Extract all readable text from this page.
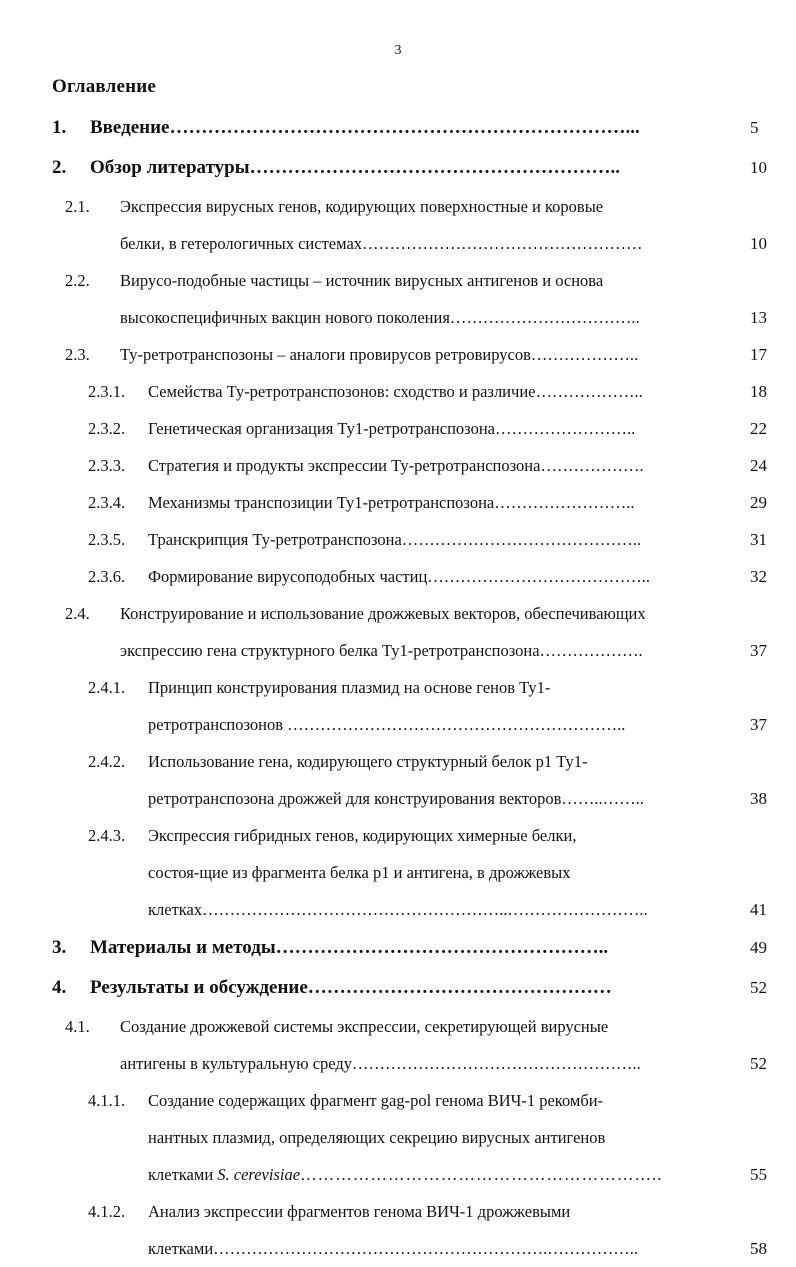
3
Оглавление
1.	Введение………………………………………………………………...	5
2.	Обзор литературы…………………………………………………..	10
2.1.	Экспрессия вирусных генов, кодирующих поверхностные и коровые
белки, в гетерологичных системах……………………………………………	10
2.2.	Вирусо-подобные частицы – источник вирусных антигенов и основа
высокоспецифичных вакцин нового поколения……………………………..	13
2.3.	Ту-ретротранспозоны – аналоги провирусов ретровирусов………………..	17
2.3.1.	Семейства Ту-ретротранспозонов: сходство и различие………………..	18
2.3.2.	Генетическая организация Ту1-ретротранспозона……………………..	22
2.3.3.	Стратегия и продукты экспрессии Ту-ретротранспозона……………….	24
2.3.4.	Механизмы транспозиции Ту1-ретротранспозона……………………..	29
2.3.5.	Транскрипция Ту-ретротранспозона……………………………………..	31
2.3.6.	Формирование вирусоподобных частиц…………………………………..	32
2.4.	Конструирование и использование дрожжевых векторов, обеспечивающих
экспрессию гена структурного белка Ту1-ретротранспозона……………….	37
2.4.1.	Принцип конструирования плазмид на основе генов Ту1-
ретротранспозонов ……………………………………………………..	37
2.4.2.	Использование гена, кодирующего структурный белок p1 Ту1-
ретротранспозона дрожжей для конструирования векторов……..……..	38
2.4.3.	Экспрессия гибридных генов, кодирующих химерные белки,
состоя-щие из фрагмента белка p1 и антигена, в дрожжевых
клетках………………………………………………..……………………..	41
3.	Материалы и методы……………………………………………..	49
4.	Результаты и обсуждение…………………………………………	52
4.1.	Создание дрожжевой системы экспрессии, секретирующей вирусные
антигены в культуральную среду……………………………………………..	52
4.1.1.	Создание содержащих фрагмент gag-pol генома ВИЧ-1 рекомби-
нантных плазмид, определяющих секрецию вирусных антигенов
клетками S. cerevisiae……………………………………………………..	55
4.1.2.	Анализ экспрессии фрагментов генома ВИЧ-1 дрожжевыми
клетками…………………………………………………….……………..	58
